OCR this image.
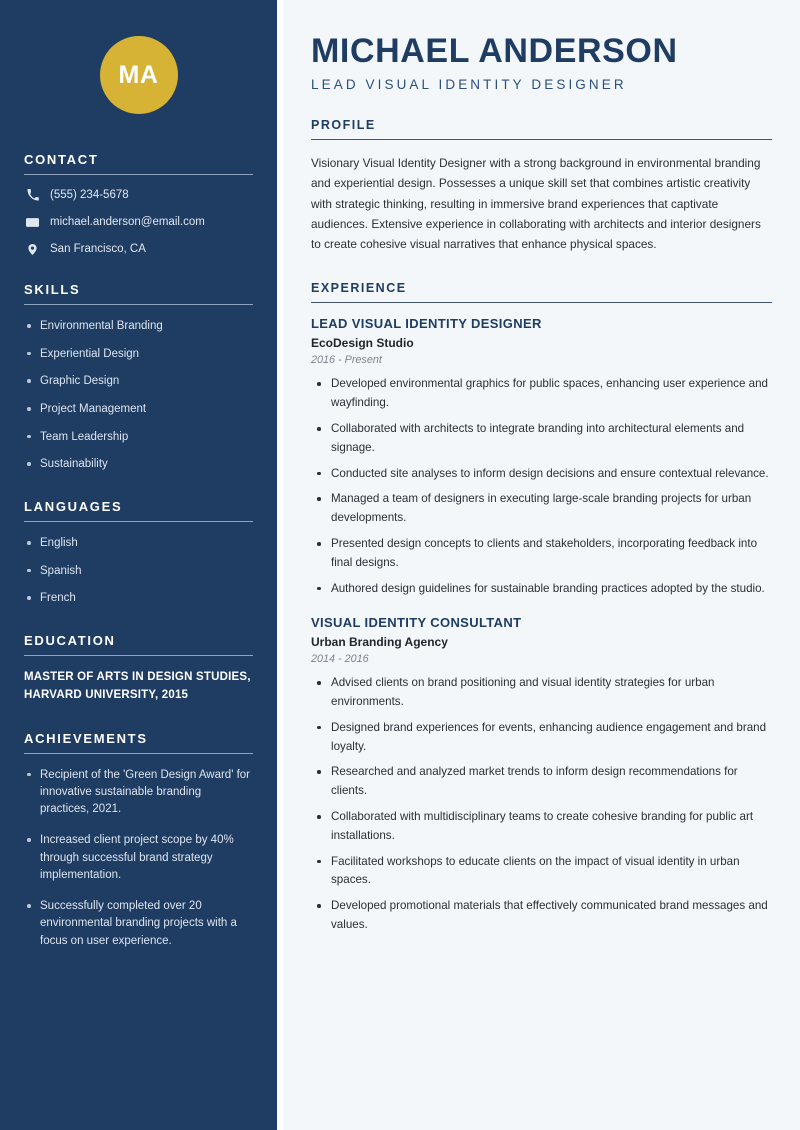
MA
CONTACT
(555) 234-5678
michael.anderson@email.com
San Francisco, CA
SKILLS
Environmental Branding
Experiential Design
Graphic Design
Project Management
Team Leadership
Sustainability
LANGUAGES
English
Spanish
French
EDUCATION
MASTER OF ARTS IN DESIGN STUDIES, HARVARD UNIVERSITY, 2015
ACHIEVEMENTS
Recipient of the 'Green Design Award' for innovative sustainable branding practices, 2021.
Increased client project scope by 40% through successful brand strategy implementation.
Successfully completed over 20 environmental branding projects with a focus on user experience.
MICHAEL ANDERSON
LEAD VISUAL IDENTITY DESIGNER
PROFILE

Visionary Visual Identity Designer with a strong background in environmental branding and experiential design. Possesses a unique skill set that combines artistic creativity with strategic thinking, resulting in immersive brand experiences that captivate audiences. Extensive experience in collaborating with architects and interior designers to create cohesive visual narratives that enhance physical spaces.

EXPERIENCE
LEAD VISUAL IDENTITY DESIGNER
EcoDesign Studio
2016 - Present
Developed environmental graphics for public spaces, enhancing user experience and wayfinding.
Collaborated with architects to integrate branding into architectural elements and signage.
Conducted site analyses to inform design decisions and ensure contextual relevance.
Managed a team of designers in executing large-scale branding projects for urban developments.
Presented design concepts to clients and stakeholders, incorporating feedback into final designs.
Authored design guidelines for sustainable branding practices adopted by the studio.
VISUAL IDENTITY CONSULTANT
Urban Branding Agency
2014 - 2016
Advised clients on brand positioning and visual identity strategies for urban environments.
Designed brand experiences for events, enhancing audience engagement and brand loyalty.
Researched and analyzed market trends to inform design recommendations for clients.
Collaborated with multidisciplinary teams to create cohesive branding for public art installations.
Facilitated workshops to educate clients on the impact of visual identity in urban spaces.
Developed promotional materials that effectively communicated brand messages and values.
